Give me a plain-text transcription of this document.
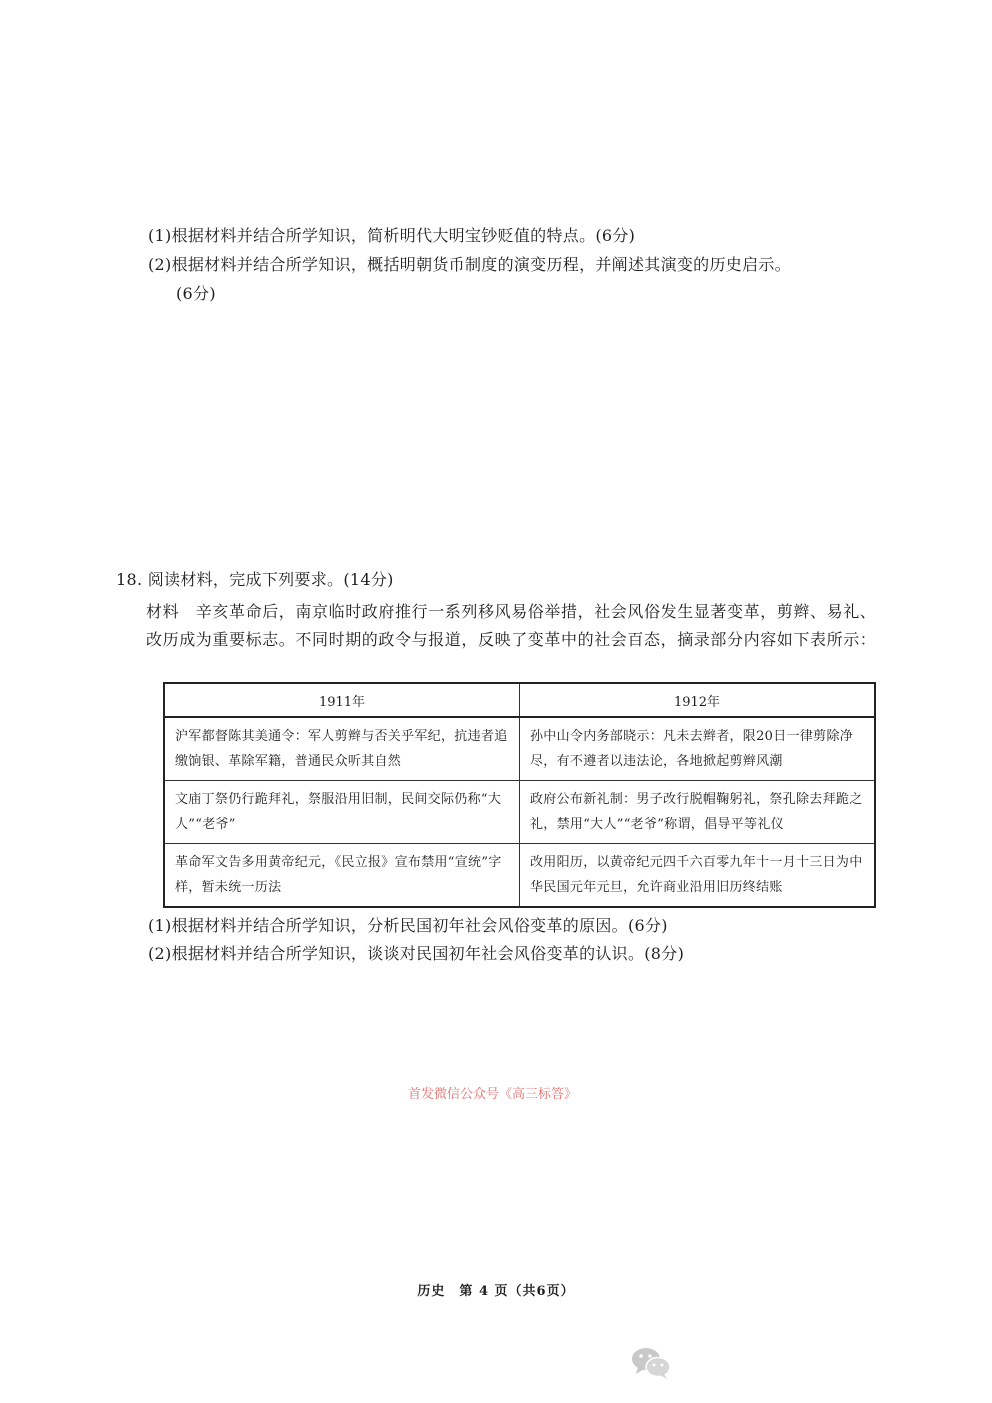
(1)根据材料并结合所学知识，简析明代大明宝钞贬值的特点。(6分)
(2)根据材料并结合所学知识，概括明朝货币制度的演变历程，并阐述其演变的历史启示。
(6分)
18. 阅读材料，完成下列要求。(14分)
材料　辛亥革命后，南京临时政府推行一系列移风易俗举措，社会风俗发生显著变革，剪辫、易礼、改历成为重要标志。不同时期的政令与报道，反映了变革中的社会百态，摘录部分内容如下表所示：
1911年	1912年
沪军都督陈其美通令：军人剪辫与否关乎军纪，抗违者追缴饷银、革除军籍，普通民众听其自然	孙中山令内务部晓示：凡未去辫者，限20日一律剪除净尽，有不遵者以违法论，各地掀起剪辫风潮
文庙丁祭仍行跪拜礼，祭服沿用旧制，民间交际仍称“大人”“老爷”	政府公布新礼制：男子改行脱帽鞠躬礼，祭孔除去拜跪之礼，禁用“大人”“老爷”称谓，倡导平等礼仪
革命军文告多用黄帝纪元，《民立报》宣布禁用“宣统”字样，暂未统一历法	改用阳历，以黄帝纪元四千六百零九年十一月十三日为中华民国元年元旦，允许商业沿用旧历终结账
(1)根据材料并结合所学知识，分析民国初年社会风俗变革的原因。(6分)
(2)根据材料并结合所学知识，谈谈对民国初年社会风俗变革的认识。(8分)
首发微信公众号《高三标答》
历史　第 4 页（共6页）
